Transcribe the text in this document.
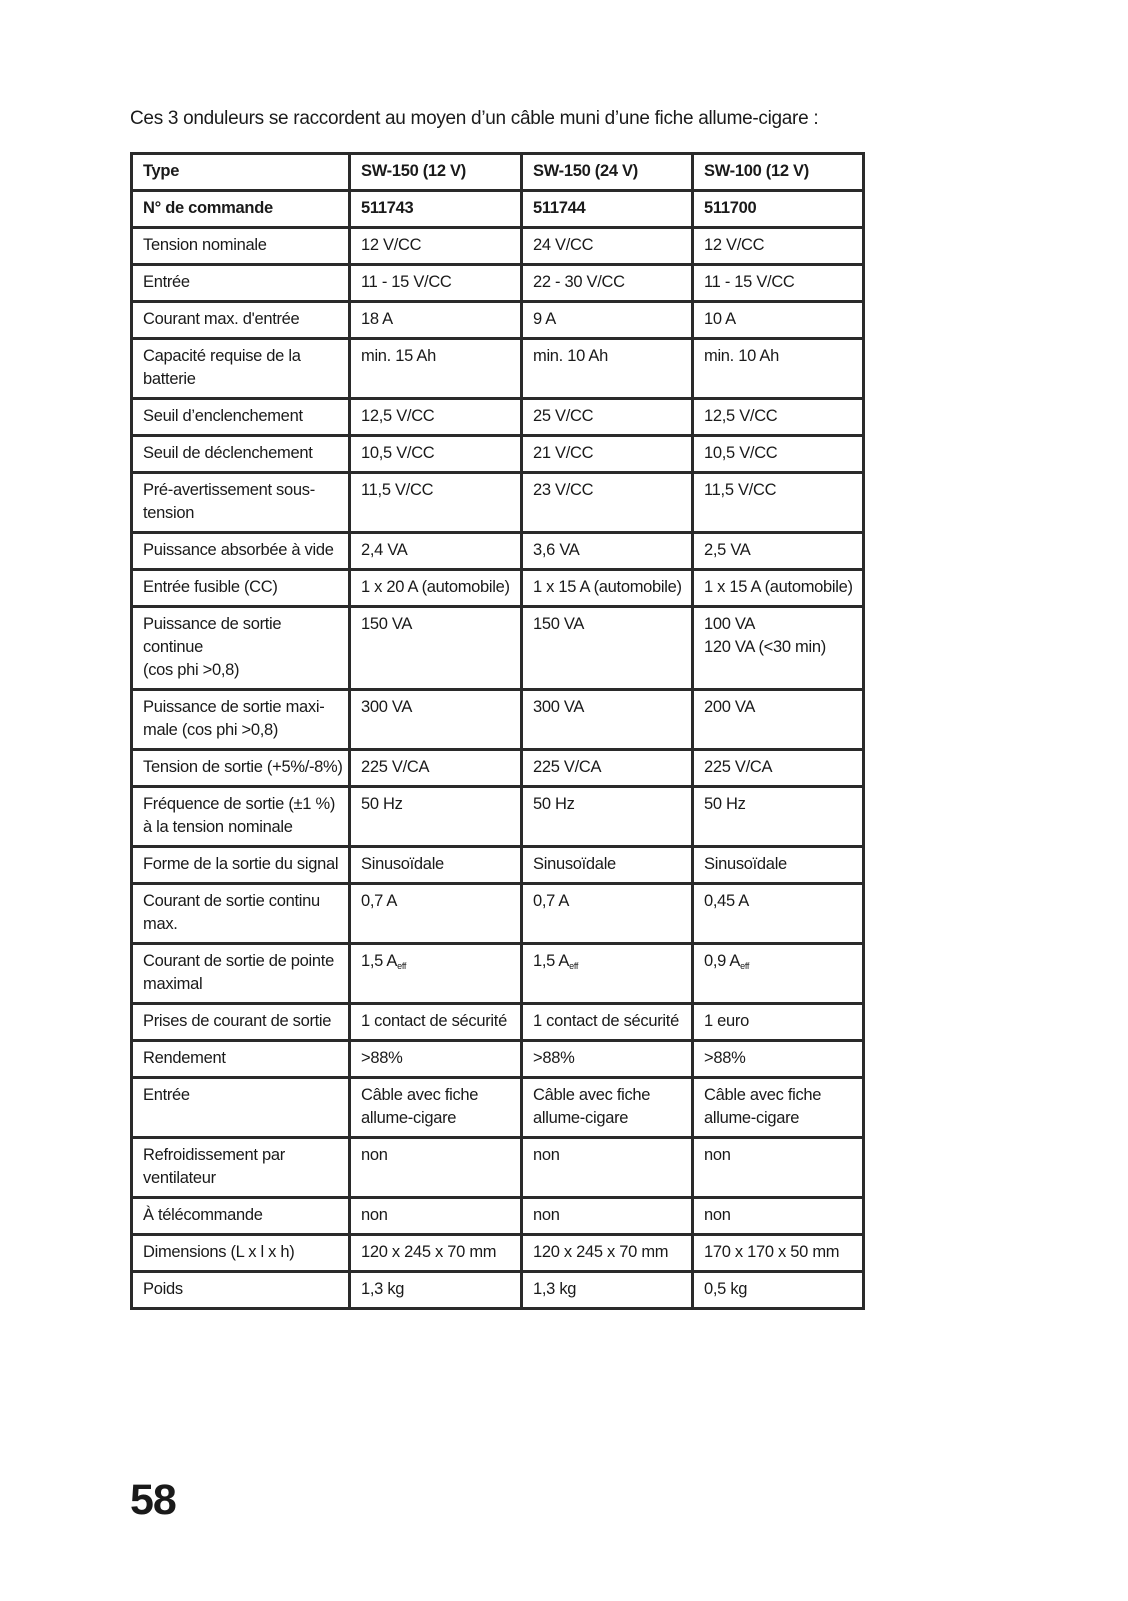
Ces 3 onduleurs se raccordent au moyen d’un câble muni d’une fiche allume-cigare :
Type	SW-150 (12 V)	SW-150 (24 V)	SW-100 (12 V)

N° de commande	511743	511744	511700

Tension nominale	12 V/CC	24 V/CC	12 V/CC

Entrée	11 - 15 V/CC	22 - 30 V/CC	11 - 15 V/CC

Courant max. d'entrée	18 A	9 A	10 A

Capacité requise de la
batterie	min. 15 Ah	min. 10 Ah	min. 10 Ah

Seuil d’enclenchement	12,5 V/CC	25 V/CC	12,5 V/CC

Seuil de déclenchement	10,5 V/CC	21 V/CC	10,5 V/CC

Pré-avertissement sous-
tension	11,5 V/CC	23 V/CC	11,5 V/CC

Puissance absorbée à vide	2,4 VA	3,6 VA	2,5 VA

Entrée fusible (CC)	1 x 20 A (automobile)	1 x 15 A (automobile)	1 x 15 A (automobile)

Puissance de sortie
continue
(cos phi >0,8)	150 VA	150 VA	100 VA
120 VA (<30 min)

Puissance de sortie maxi-
male (cos phi >0,8)	300 VA	300 VA	200 VA

Tension de sortie (+5%/-8%)	225 V/CA	225 V/CA	225 V/CA

Fréquence de sortie (±1 %)
à la tension nominale	50 Hz	50 Hz	50 Hz

Forme de la sortie du signal	Sinusoïdale	Sinusoïdale	Sinusoïdale

Courant de sortie continu
max.	0,7 A	0,7 A	0,45 A

Courant de sortie de pointe
maximal	1,5 $A_{eff}$	1,5 $A_{eff}$	0,9 $A_{eff}$

Prises de courant de sortie	1 contact de sécurité	1 contact de sécurité	1 euro

Rendement	>88%	>88%	>88%

Entrée	Câble avec fiche
allume-cigare	Câble avec fiche
allume-cigare	Câble avec fiche
allume-cigare

Refroidissement par
ventilateur	non	non	non

À télécommande	non	non	non

Dimensions (L x l x h)	120 x 245 x 70 mm	120 x 245 x 70 mm	170 x 170 x 50 mm

Poids	1,3 kg	1,3 kg	0,5 kg
58
